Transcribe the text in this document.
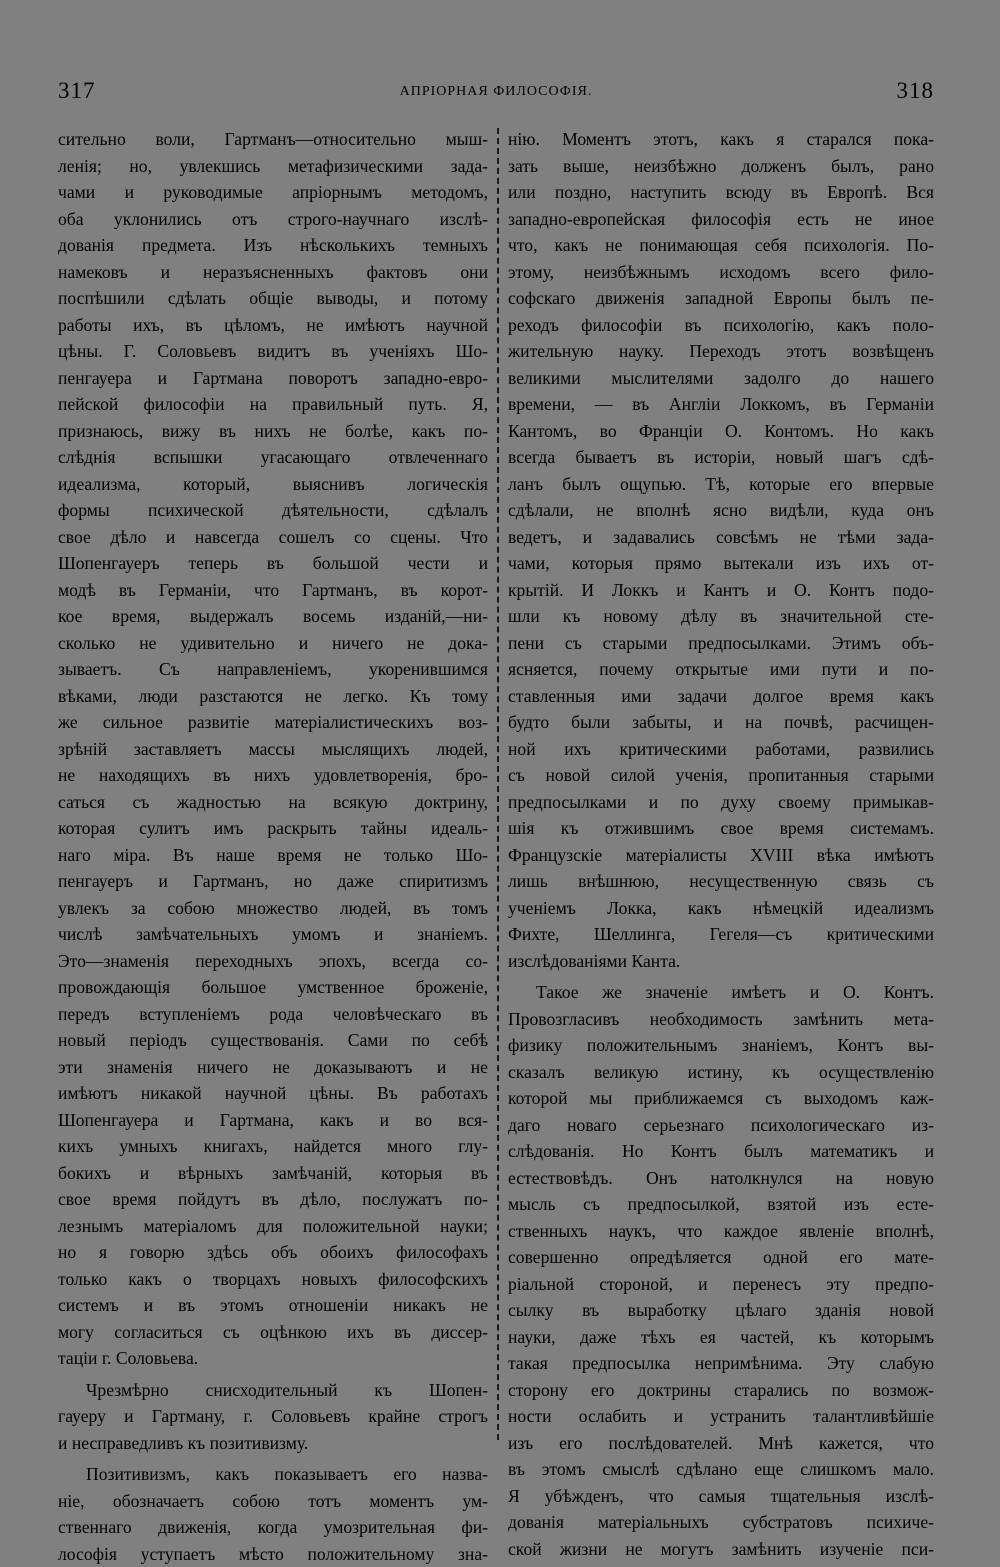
317	АПРІОРНАЯ ФИЛОСОФІЯ.	318
сительно воли, Гартманъ—относительно мыш-
ленія; но, увлекшись метафизическими зада-
чами и руководимые апріорнымъ методомъ,
оба уклонились отъ строго-научнаго изслѣ-
дованія предмета. Изъ нѣсколькихъ темныхъ
намековъ и неразъясненныхъ фактовъ они
поспѣшили сдѣлать общіе выводы, и потому
работы ихъ, въ цѣломъ, не имѣютъ научной
цѣны. Г. Соловьевъ видитъ въ ученіяхъ Шо-
пенгауера и Гартмана поворотъ западно-евро-
пейской философіи на правильный путь. Я,
признаюсь, вижу въ нихъ не болѣе, какъ по-
слѣднія вспышки угасающаго отвлеченнаго
идеализма, который, выяснивъ логическія
формы психической дѣятельности, сдѣлалъ
свое дѣло и навсегда сошелъ со сцены. Что
Шопенгауеръ теперь въ большой чести и
модѣ въ Германіи, что Гартманъ, въ корот-
кое время, выдержалъ восемь изданій,—ни-
сколько не удивительно и ничего не дока-
зываетъ. Съ направленіемъ, укоренившимся
вѣками, люди разстаются не легко. Къ тому
же сильное развитіе матеріалистическихъ воз-
зрѣній заставляетъ массы мыслящихъ людей,
не находящихъ въ нихъ удовлетворенія, бро-
саться съ жадностью на всякую доктрину,
которая сулитъ имъ раскрыть тайны идеаль-
наго міра. Въ наше время не только Шо-
пенгауеръ и Гартманъ, но даже спиритизмъ
увлекъ за собою множество людей, въ томъ
числѣ замѣчательныхъ умомъ и знаніемъ.
Это—знаменія переходныхъ эпохъ, всегда со-
провождающія большое умственное броженіе,
передъ вступленіемъ рода человѣческаго въ
новый періодъ существованія. Сами по себѣ
эти знаменія ничего не доказываютъ и не
имѣютъ никакой научной цѣны. Въ работахъ
Шопенгауера и Гартмана, какъ и во вся-
кихъ умныхъ книгахъ, найдется много глу-
бокихъ и вѣрныхъ замѣчаній, которыя въ
свое время пойдутъ въ дѣло, послужатъ по-
лезнымъ матеріаломъ для положительной науки;
но я говорю здѣсь объ обоихъ философахъ
только какъ о творцахъ новыхъ философскихъ
системъ и въ этомъ отношеніи никакъ не
могу согласиться съ оцѣнкою ихъ въ диссер-
таціи г. Соловьева.
Чрезмѣрно снисходительный къ Шопен-
гауеру и Гартману, г. Соловьевъ крайне строгъ
и несправедливъ къ позитивизму.
Позитивизмъ, какъ показываетъ его назва-
ніе, обозначаетъ собою тотъ моментъ ум-
ственнаго движенія, когда умозрительная фи-
лософія уступаетъ мѣсто положительному зна-
нію. Моментъ этотъ, какъ я старался пока-
зать выше, неизбѣжно долженъ былъ, рано
или поздно, наступить всюду въ Европѣ. Вся
западно-европейская философія есть не иное
что, какъ не понимающая себя психологія. По-
этому, неизбѣжнымъ исходомъ всего фило-
софскаго движенія западной Европы былъ пе-
реходъ философіи въ психологію, какъ поло-
жительную науку. Переходъ этотъ возвѣщенъ
великими мыслителями задолго до нашего
времени, — въ Англіи Локкомъ, въ Германіи
Кантомъ, во Франціи О. Контомъ. Но какъ
всегда бываетъ въ исторіи, новый шагъ сдѣ-
ланъ былъ ощупью. Тѣ, которые его впервые
сдѣлали, не вполнѣ ясно видѣли, куда онъ
ведетъ, и задавались совсѣмъ не тѣми зада-
чами, которыя прямо вытекали изъ ихъ от-
крытій. И Локкъ и Кантъ и О. Контъ подо-
шли къ новому дѣлу въ значительной сте-
пени съ старыми предпосылками. Этимъ объ-
ясняется, почему открытые ими пути и по-
ставленныя ими задачи долгое время какъ
будто были забыты, и на почвѣ, расчищен-
ной ихъ критическими работами, развились
съ новой силой ученія, пропитанныя старыми
предпосылками и по духу своему примыкав-
шія къ отжившимъ свое время системамъ.
Французскіе матеріалисты XVIII вѣка имѣютъ
лишь внѣшнюю, несущественную связь съ
ученіемъ Локка, какъ нѣмецкій идеализмъ
Фихте, Шеллинга, Гегеля—съ критическими
изслѣдованіями Канта.
Такое же значеніе имѣетъ и О. Контъ.
Провозгласивъ необходимость замѣнить мета-
физику положительнымъ знаніемъ, Контъ вы-
сказалъ великую истину, къ осуществленію
которой мы приближаемся съ выходомъ каж-
даго новаго серьезнаго психологическаго из-
слѣдованія. Но Контъ былъ математикъ и
естествовѣдъ. Онъ натолкнулся на новую
мысль съ предпосылкой, взятой изъ есте-
ственныхъ наукъ, что каждое явленіе вполнѣ,
совершенно опредѣляется одной его мате-
ріальной стороной, и перенесъ эту предпо-
сылку въ выработку цѣлаго зданія новой
науки, даже тѣхъ ея частей, къ которымъ
такая предпосылка непримѣнима. Эту слабую
сторону его доктрины старались по возмож-
ности ослабить и устранить талантливѣйшіе
изъ его послѣдователей. Мнѣ кажется, что
въ этомъ смыслѣ сдѣлано еще слишкомъ мало.
Я убѣжденъ, что самыя тщательныя изслѣ-
дованія матеріальныхъ субстратовъ психиче-
ской жизни не могутъ замѣнить изученіе пси-
